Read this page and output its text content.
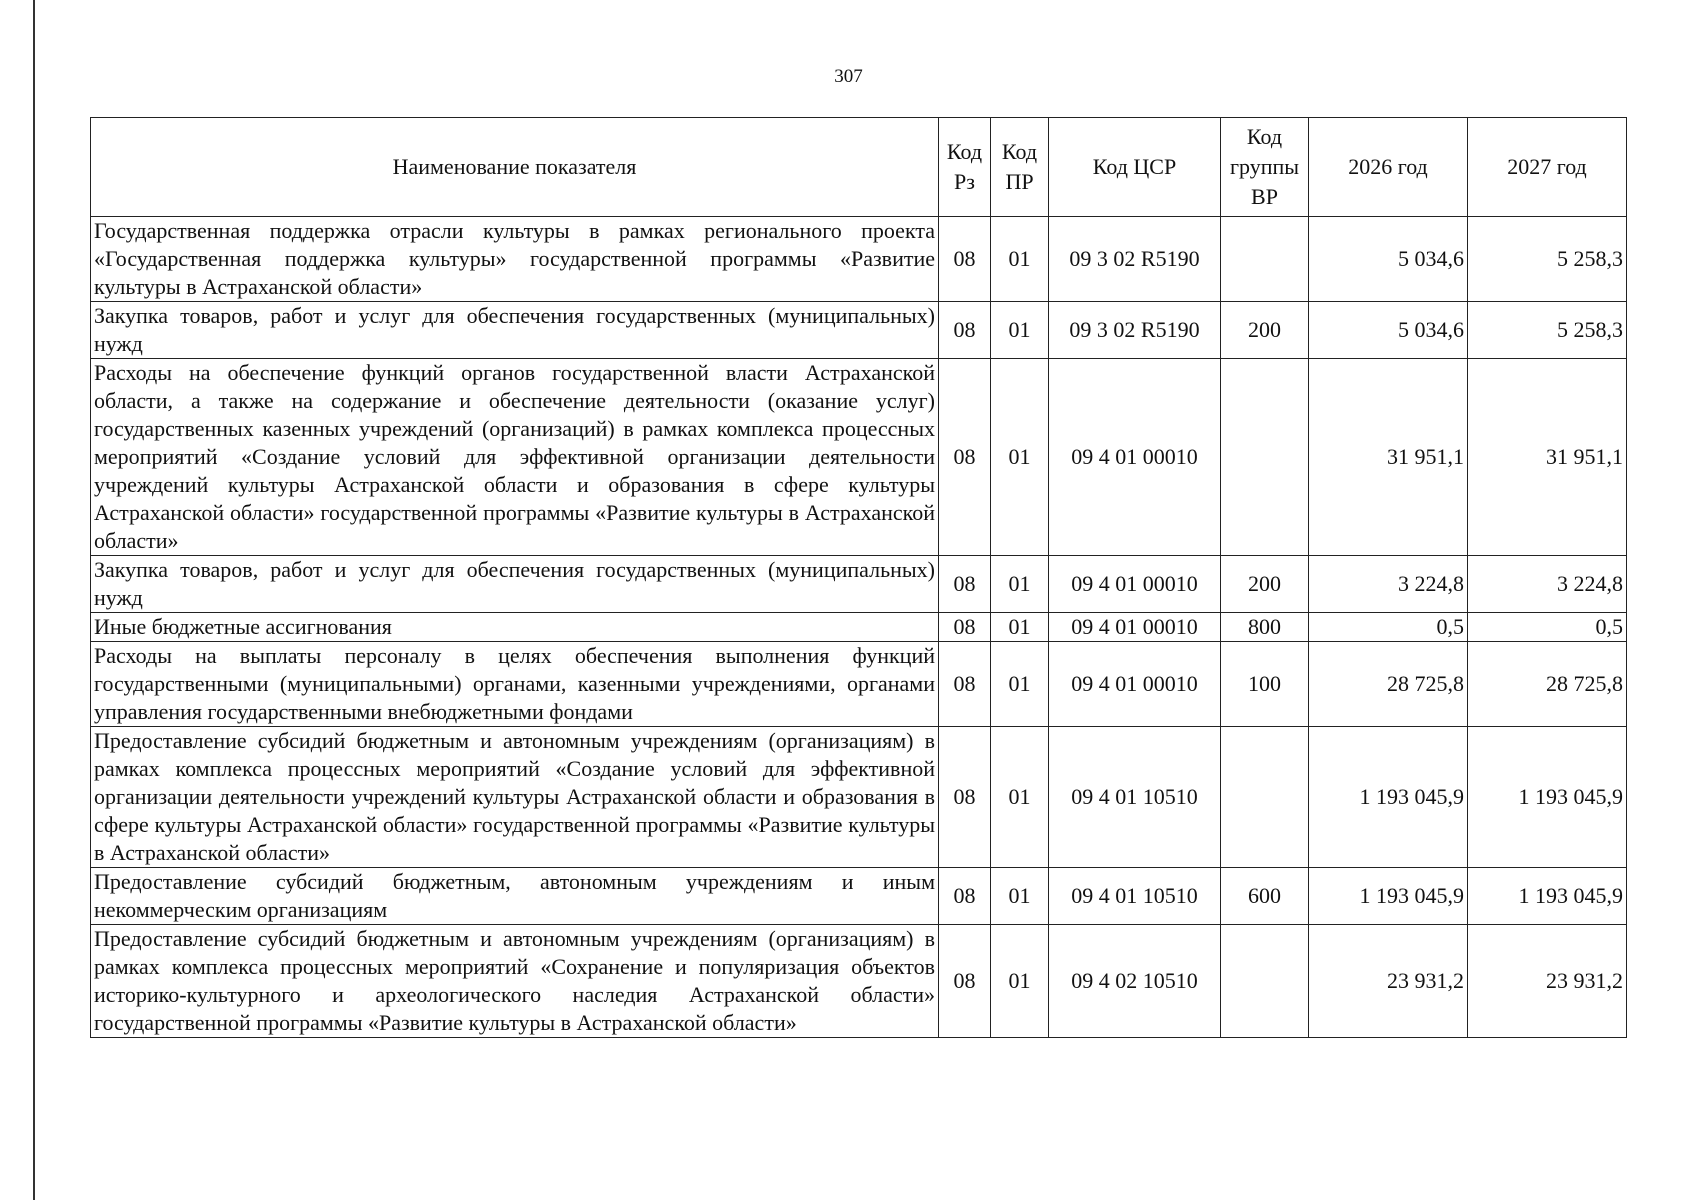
307
Наименование показателя	Код Рз	Код ПР	Код ЦСР	Код группы ВР	2026 год	2027 год
Государственная поддержка отрасли культуры в рамках регионального проекта «Государственная поддержка культуры» государственной программы «Развитие культуры в Астраханской области»	08	01	09 3 02 R5190		5 034,6	5 258,3
Закупка товаров, работ и услуг для обеспечения государственных (муниципальных) нужд	08	01	09 3 02 R5190	200	5 034,6	5 258,3
Расходы на обеспечение функций органов государственной власти Астраханской области, а также на содержание и обеспечение деятельности (оказание услуг) государственных казенных учреждений (организаций) в рамках комплекса процессных мероприятий «Создание условий для эффективной организации деятельности учреждений культуры Астраханской области и образования в сфере культуры Астраханской области» государственной программы «Развитие культуры в Астраханской области»	08	01	09 4 01 00010		31 951,1	31 951,1
Закупка товаров, работ и услуг для обеспечения государственных (муниципальных) нужд	08	01	09 4 01 00010	200	3 224,8	3 224,8
Иные бюджетные ассигнования	08	01	09 4 01 00010	800	0,5	0,5
Расходы на выплаты персоналу в целях обеспечения выполнения функций государственными (муниципальными) органами, казенными учреждениями, органами управления государственными внебюджетными фондами	08	01	09 4 01 00010	100	28 725,8	28 725,8
Предоставление субсидий бюджетным и автономным учреждениям (организациям) в рамках комплекса процессных мероприятий «Создание условий для эффективной организации деятельности учреждений культуры Астраханской области и образования в сфере культуры Астраханской области» государственной программы «Развитие культуры в Астраханской области»	08	01	09 4 01 10510		1 193 045,9	1 193 045,9
Предоставление субсидий бюджетным, автономным учреждениям и иным некоммерческим организациям	08	01	09 4 01 10510	600	1 193 045,9	1 193 045,9
Предоставление субсидий бюджетным и автономным учреждениям (организациям) в рамках комплекса процессных мероприятий «Сохранение и популяризация объектов историко-культурного и археологического наследия Астраханской области» государственной программы «Развитие культуры в Астраханской области»	08	01	09 4 02 10510		23 931,2	23 931,2
